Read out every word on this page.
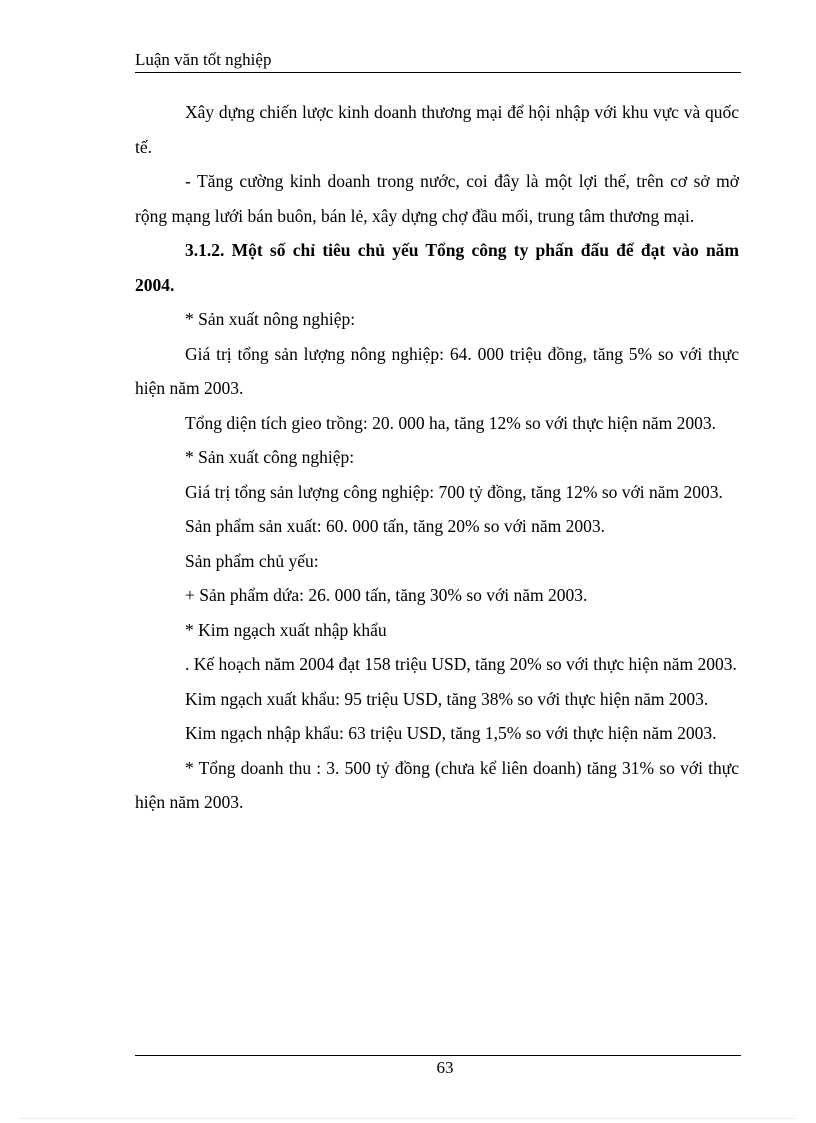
Luận văn tốt nghiệp

Xây dựng chiến lược kinh doanh thương mại để hội nhập với khu vực và quốc tế.

- Tăng cường kinh doanh trong nước, coi đây là một lợi thế, trên cơ sở mở rộng mạng lưới bán buôn, bán lẻ, xây dựng chợ đầu mối, trung tâm thương mại.

3.1.2. Một số chỉ tiêu chủ yếu Tổng công ty phấn đấu để đạt vào năm 2004.

* Sản xuất nông nghiệp:

Giá trị tổng sản lượng nông nghiệp: 64. 000 triệu đồng, tăng 5% so với thực hiện năm 2003.

Tổng diện tích gieo trồng: 20. 000 ha, tăng 12% so với thực hiện năm 2003.

* Sản xuất công nghiệp:

Giá trị tổng sản lượng công nghiệp: 700 tỷ đồng, tăng 12% so với năm 2003.

Sản phẩm sản xuất: 60. 000 tấn, tăng 20% so với năm 2003.

Sản phẩm chủ yếu:

+ Sản phẩm dứa: 26. 000 tấn, tăng 30% so với năm 2003.

* Kim ngạch xuất nhập khẩu

. Kế hoạch năm 2004 đạt 158 triệu USD, tăng 20% so với thực hiện năm 2003.

Kim ngạch xuất khẩu: 95 triệu USD, tăng 38% so với thực hiện năm 2003.

Kim ngạch nhập khẩu: 63 triệu USD, tăng 1,5% so với thực hiện năm 2003.

* Tổng doanh thu : 3. 500 tỷ đồng (chưa kể liên doanh) tăng 31% so với thực hiện năm 2003.

63
